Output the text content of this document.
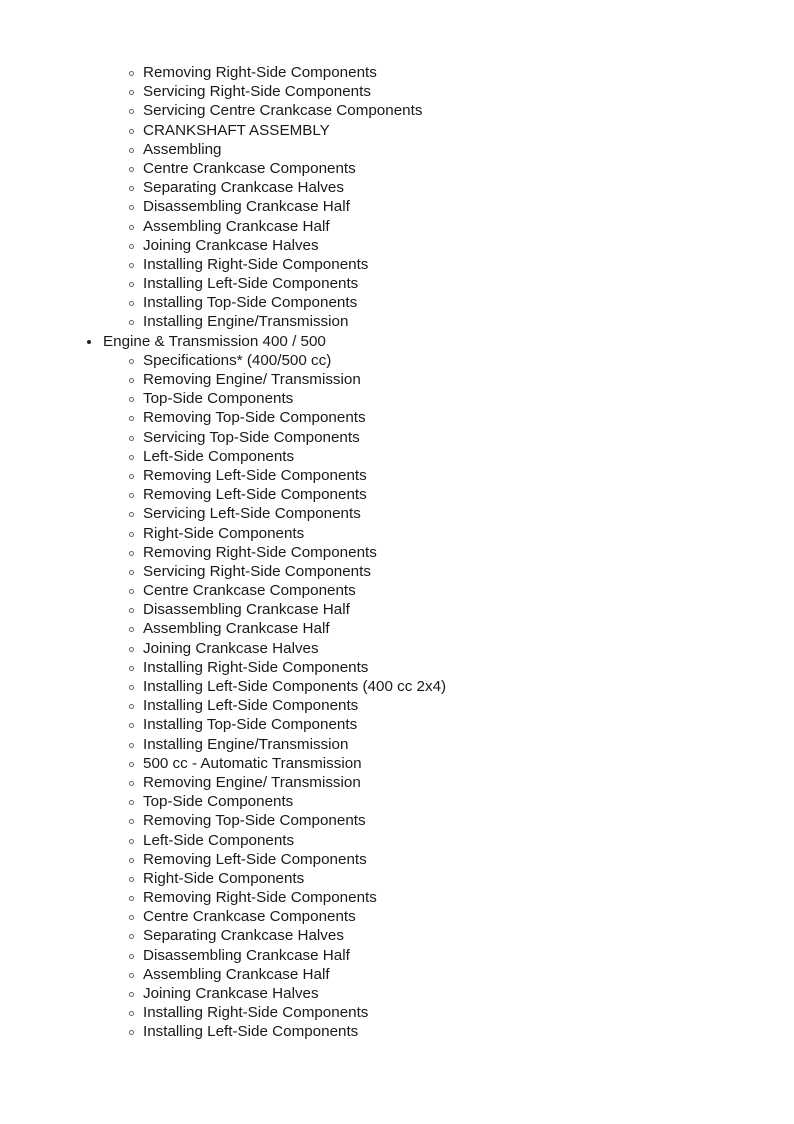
Removing Right-Side Components
Servicing Right-Side Components
Servicing Centre Crankcase Components
CRANKSHAFT ASSEMBLY
Assembling
Centre Crankcase Components
Separating Crankcase Halves
Disassembling Crankcase Half
Assembling Crankcase Half
Joining Crankcase Halves
Installing Right-Side Components
Installing Left-Side Components
Installing Top-Side Components
Installing Engine/Transmission
Engine & Transmission 400 / 500
Specifications* (400/500 cc)
Removing Engine/ Transmission
Top-Side Components
Removing Top-Side Components
Servicing Top-Side Components
Left-Side Components
Removing Left-Side Components
Removing Left-Side Components
Servicing Left-Side Components
Right-Side Components
Removing Right-Side Components
Servicing Right-Side Components
Centre Crankcase Components
Disassembling Crankcase Half
Assembling Crankcase Half
Joining Crankcase Halves
Installing Right-Side Components
Installing Left-Side Components (400 cc 2x4)
Installing Left-Side Components
Installing Top-Side Components
Installing Engine/Transmission
500 cc - Automatic Transmission
Removing Engine/ Transmission
Top-Side Components
Removing Top-Side Components
Left-Side Components
Removing Left-Side Components
Right-Side Components
Removing Right-Side Components
Centre Crankcase Components
Separating Crankcase Halves
Disassembling Crankcase Half
Assembling Crankcase Half
Joining Crankcase Halves
Installing Right-Side Components
Installing Left-Side Components
